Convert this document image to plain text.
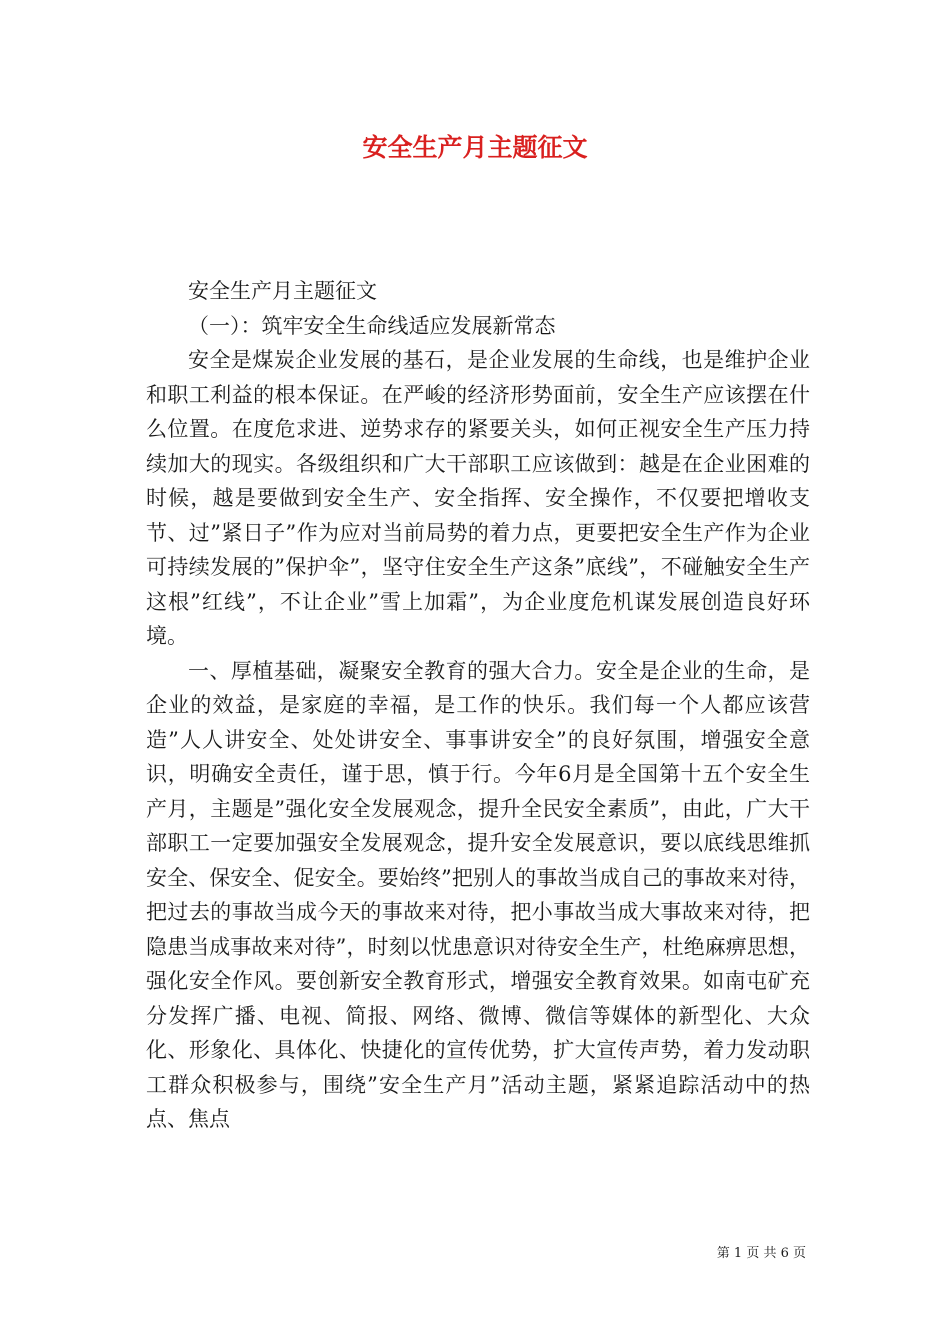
安全生产月主题征文

安全生产月主题征文

（一）：筑牢安全生命线适应发展新常态

安全是煤炭企业发展的基石，是企业发展的生命线，也是维护企业和职工利益的根本保证。在严峻的经济形势面前，安全生产应该摆在什么位置。在度危求进、逆势求存的紧要关头，如何正视安全生产压力持续加大的现实。各级组织和广大干部职工应该做到：越是在企业困难的时候，越是要做到安全生产、安全指挥、安全操作，不仅要把增收支节、过”紧日子”作为应对当前局势的着力点，更要把安全生产作为企业可持续发展的”保护伞”，坚守住安全生产这条”底线”，不碰触安全生产这根”红线”，不让企业”雪上加霜”，为企业度危机谋发展创造良好环境。

一、厚植基础，凝聚安全教育的强大合力。安全是企业的生命，是企业的效益，是家庭的幸福，是工作的快乐。我们每一个人都应该营造”人人讲安全、处处讲安全、事事讲安全”的良好氛围，增强安全意识，明确安全责任，谨于思，慎于行。今年6月是全国第十五个安全生产月，主题是”强化安全发展观念，提升全民安全素质”，由此，广大干部职工一定要加强安全发展观念，提升安全发展意识，要以底线思维抓安全、保安全、促安全。要始终”把别人的事故当成自己的事故来对待，把过去的事故当成今天的事故来对待，把小事故当成大事故来对待，把隐患当成事故来对待”，时刻以忧患意识对待安全生产，杜绝麻痹思想，强化安全作风。要创新安全教育形式，增强安全教育效果。如南屯矿充分发挥广播、电视、简报、网络、微博、微信等媒体的新型化、大众化、形象化、具体化、快捷化的宣传优势，扩大宣传声势，着力发动职工群众积极参与，围绕”安全生产月”活动主题，紧紧追踪活动中的热点、焦点

第 1 页 共 6 页
